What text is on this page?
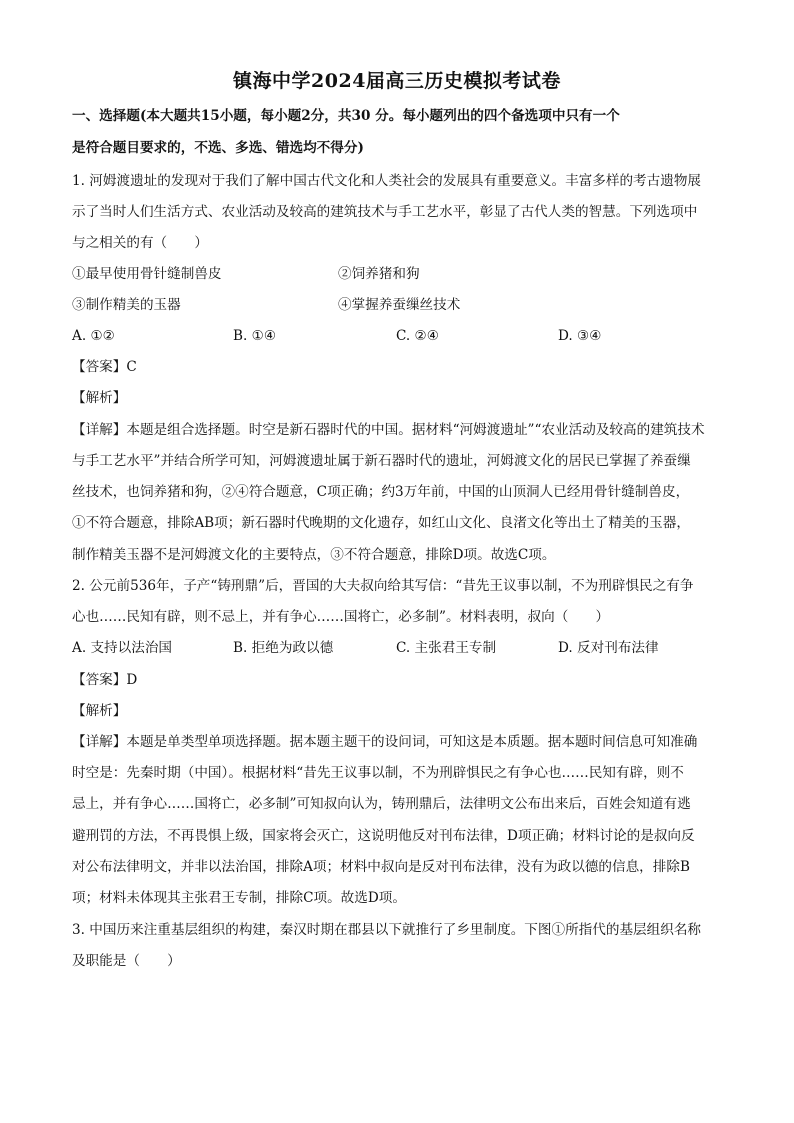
镇海中学2024届高三历史模拟考试卷
一、选择题(本大题共15小题，每小题2分，共30 分。每小题列出的四个备选项中只有一个
是符合题目要求的，不选、多选、错选均不得分)
1. 河姆渡遗址的发现对于我们了解中国古代文化和人类社会的发展具有重要意义。丰富多样的考古遗物展
示了当时人们生活方式、农业活动及较高的建筑技术与手工艺水平，彰显了古代人类的智慧。下列选项中
与之相关的有（　　）
①最早使用骨针缝制兽皮	②饲养猪和狗
③制作精美的玉器	④掌握养蚕缫丝技术
A. ①②	B. ①④	C. ②④	D. ③④
【答案】C
【解析】
【详解】本题是组合选择题。时空是新石器时代的中国。据材料“河姆渡遗址”“农业活动及较高的建筑技术
与手工艺水平”并结合所学可知，河姆渡遗址属于新石器时代的遗址，河姆渡文化的居民已掌握了养蚕缫
丝技术，也饲养猪和狗，②④符合题意，C项正确；约3万年前，中国的山顶洞人已经用骨针缝制兽皮，
①不符合题意，排除AB项；新石器时代晚期的文化遗存，如红山文化、良渚文化等出土了精美的玉器，
制作精美玉器不是河姆渡文化的主要特点，③不符合题意，排除D项。故选C项。
2. 公元前536年，子产“铸刑鼎”后，晋国的大夫叔向给其写信：“昔先王议事以制，不为刑辟惧民之有争
心也……民知有辟，则不忌上，并有争心……国将亡，必多制”。材料表明，叔向（　　）
A. 支持以法治国	B. 拒绝为政以德	C. 主张君王专制	D. 反对刊布法律
【答案】D
【解析】
【详解】本题是单类型单项选择题。据本题主题干的设问词，可知这是本质题。据本题时间信息可知准确
时空是：先秦时期（中国）。根据材料“昔先王议事以制，不为刑辟惧民之有争心也……民知有辟，则不
忌上，并有争心……国将亡，必多制”可知叔向认为，铸刑鼎后，法律明文公布出来后，百姓会知道有逃
避刑罚的方法，不再畏惧上级，国家将会灭亡，这说明他反对刊布法律，D项正确；材料讨论的是叔向反
对公布法律明文，并非以法治国，排除A项；材料中叔向是反对刊布法律，没有为政以德的信息，排除B
项；材料未体现其主张君王专制，排除C项。故选D项。
3. 中国历来注重基层组织的构建，秦汉时期在郡县以下就推行了乡里制度。下图①所指代的基层组织名称
及职能是（　　）
